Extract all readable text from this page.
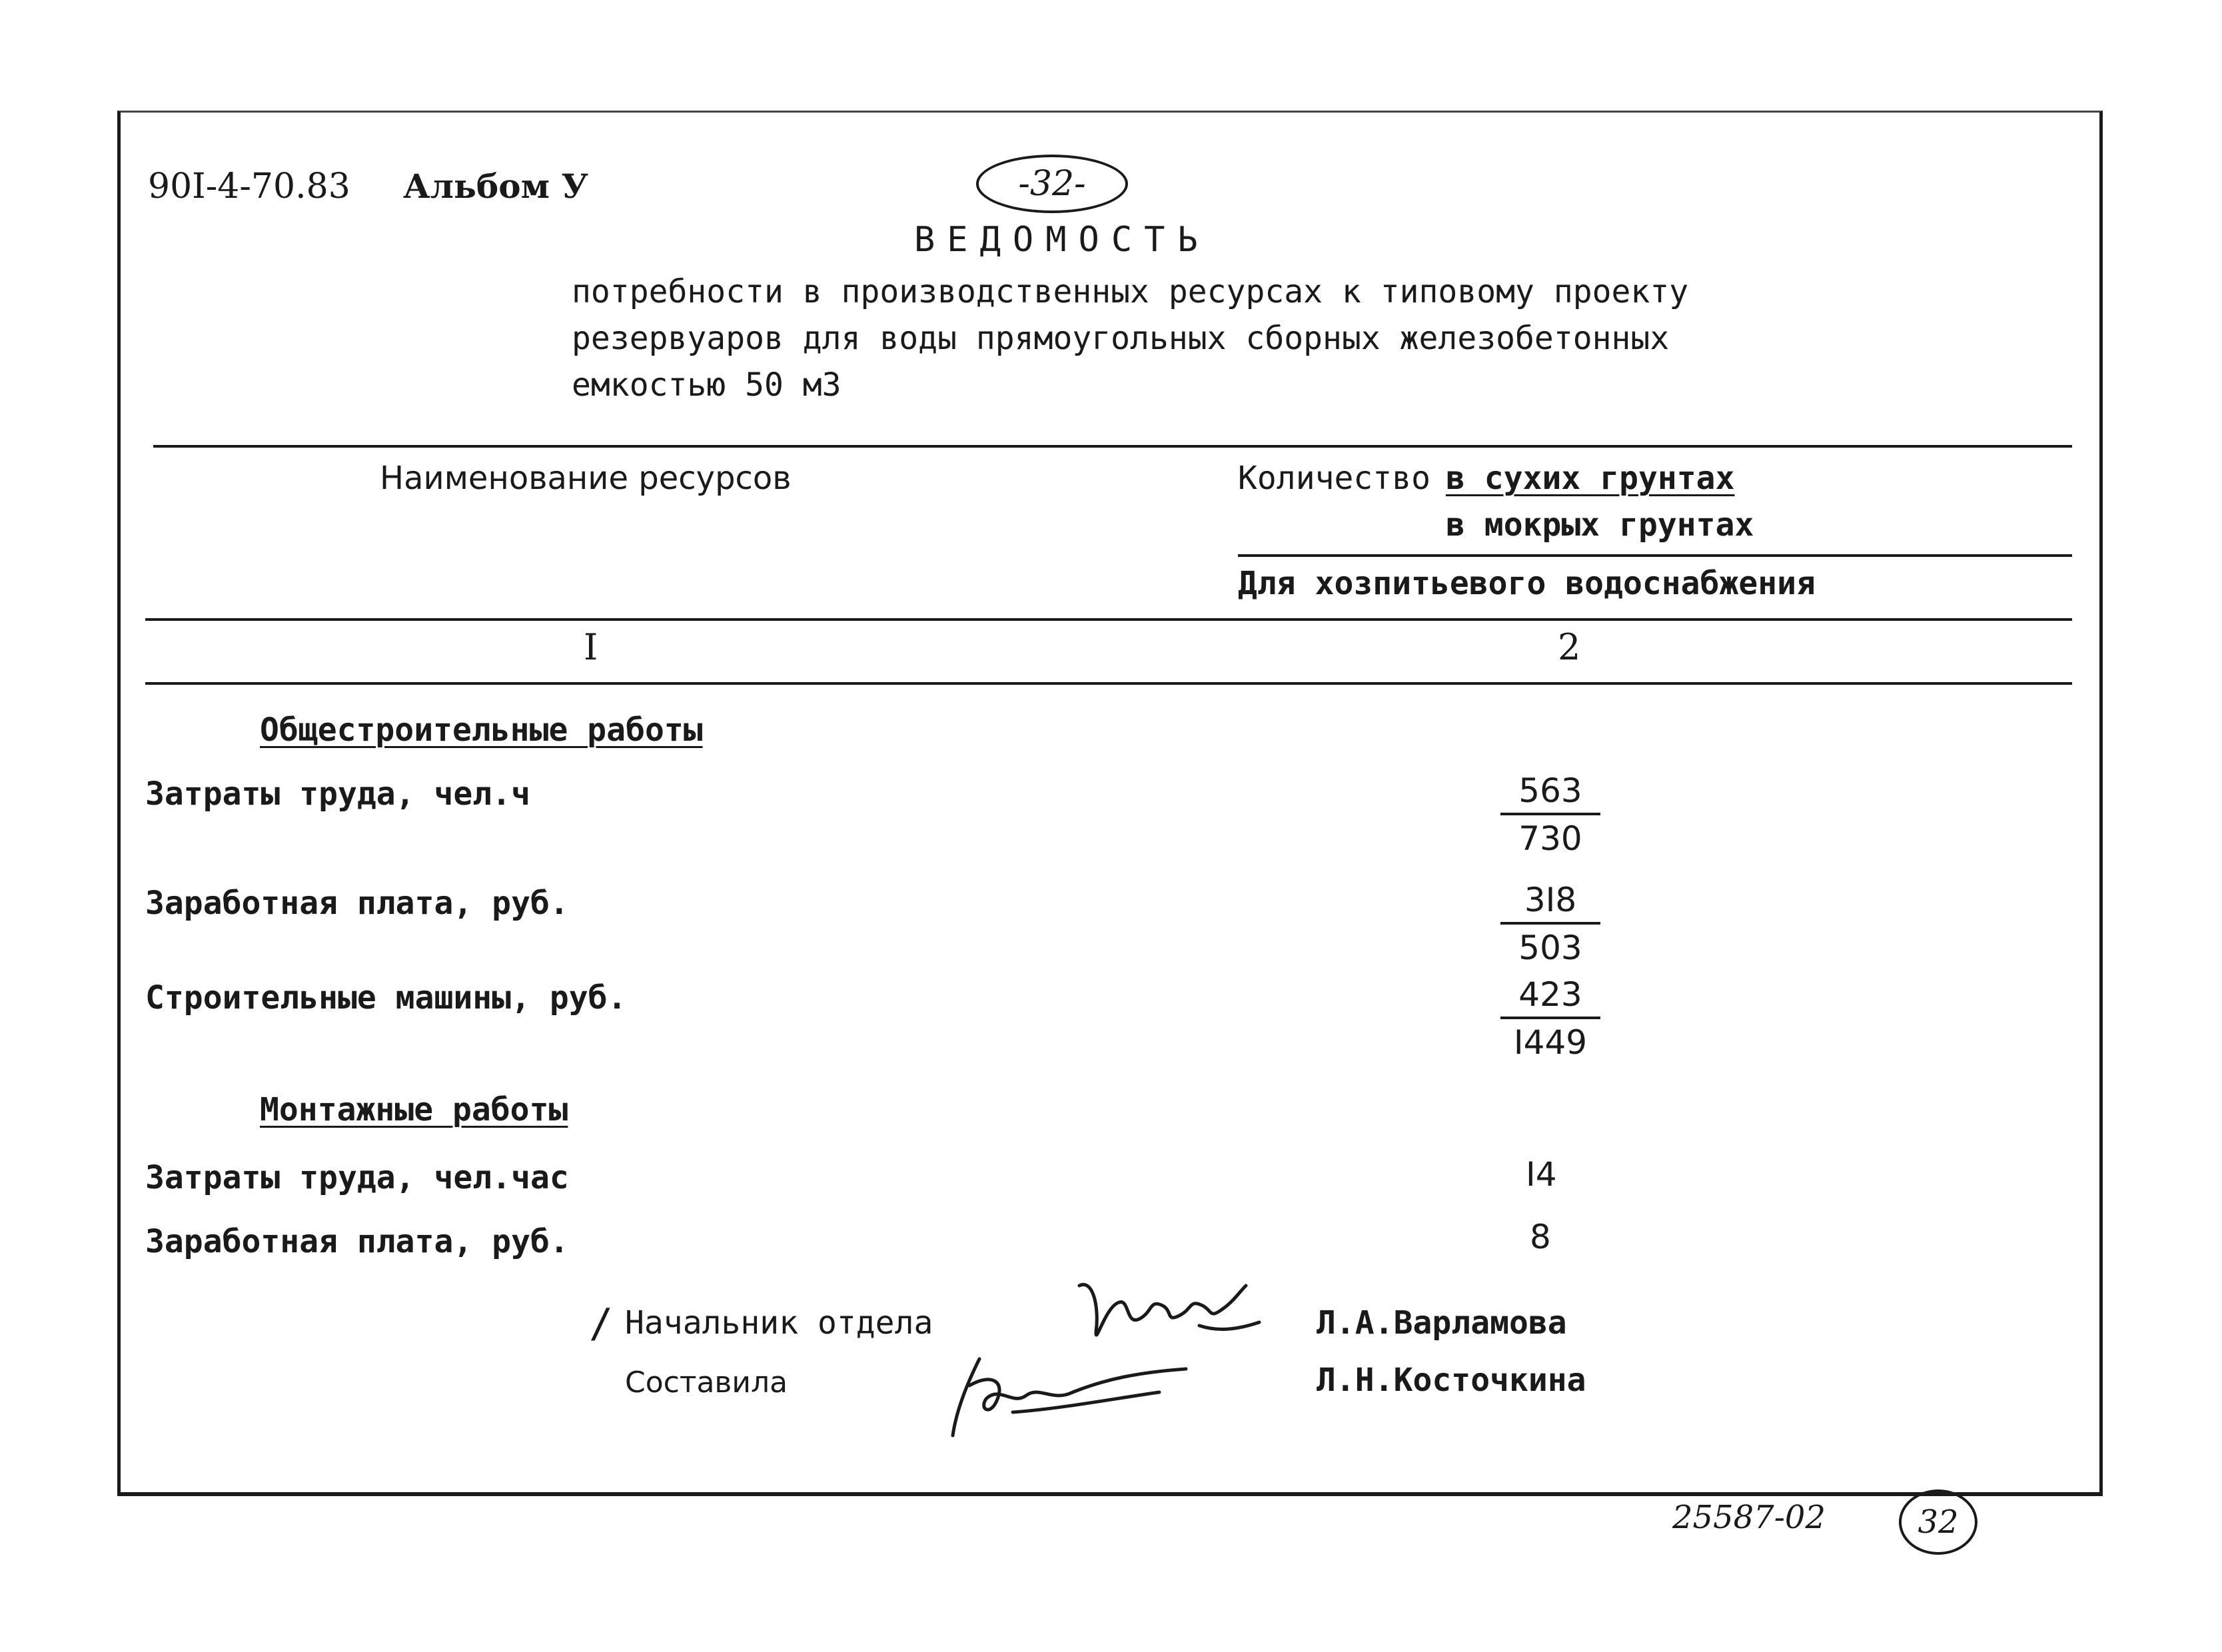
90I-4-70.83 Альбом У	-32-
ВЕДОМОСТЬ
потребности в производственных ресурсах к типовому проекту
резервуаров для воды прямоугольных сборных железобетонных
емкостью 50 м3
Наименование ресурсов	Количество в сухих грунтах
в мокрых грунтах
Для хозпитьевого водоснабжения
I	2
Общестроительные работы
Затраты труда, чел.ч	$\frac{563}{730}$
Заработная плата, руб.	$\frac{3I8}{503}$
Строительные машины, руб.	$\frac{423}{I449}$
Монтажные работы
Затраты труда, чел.час	I4
Заработная плата, руб.	8
/ Начальник отдела	Л.А.Варламова
Составила	Л.Н.Косточкина
25587-02	32
